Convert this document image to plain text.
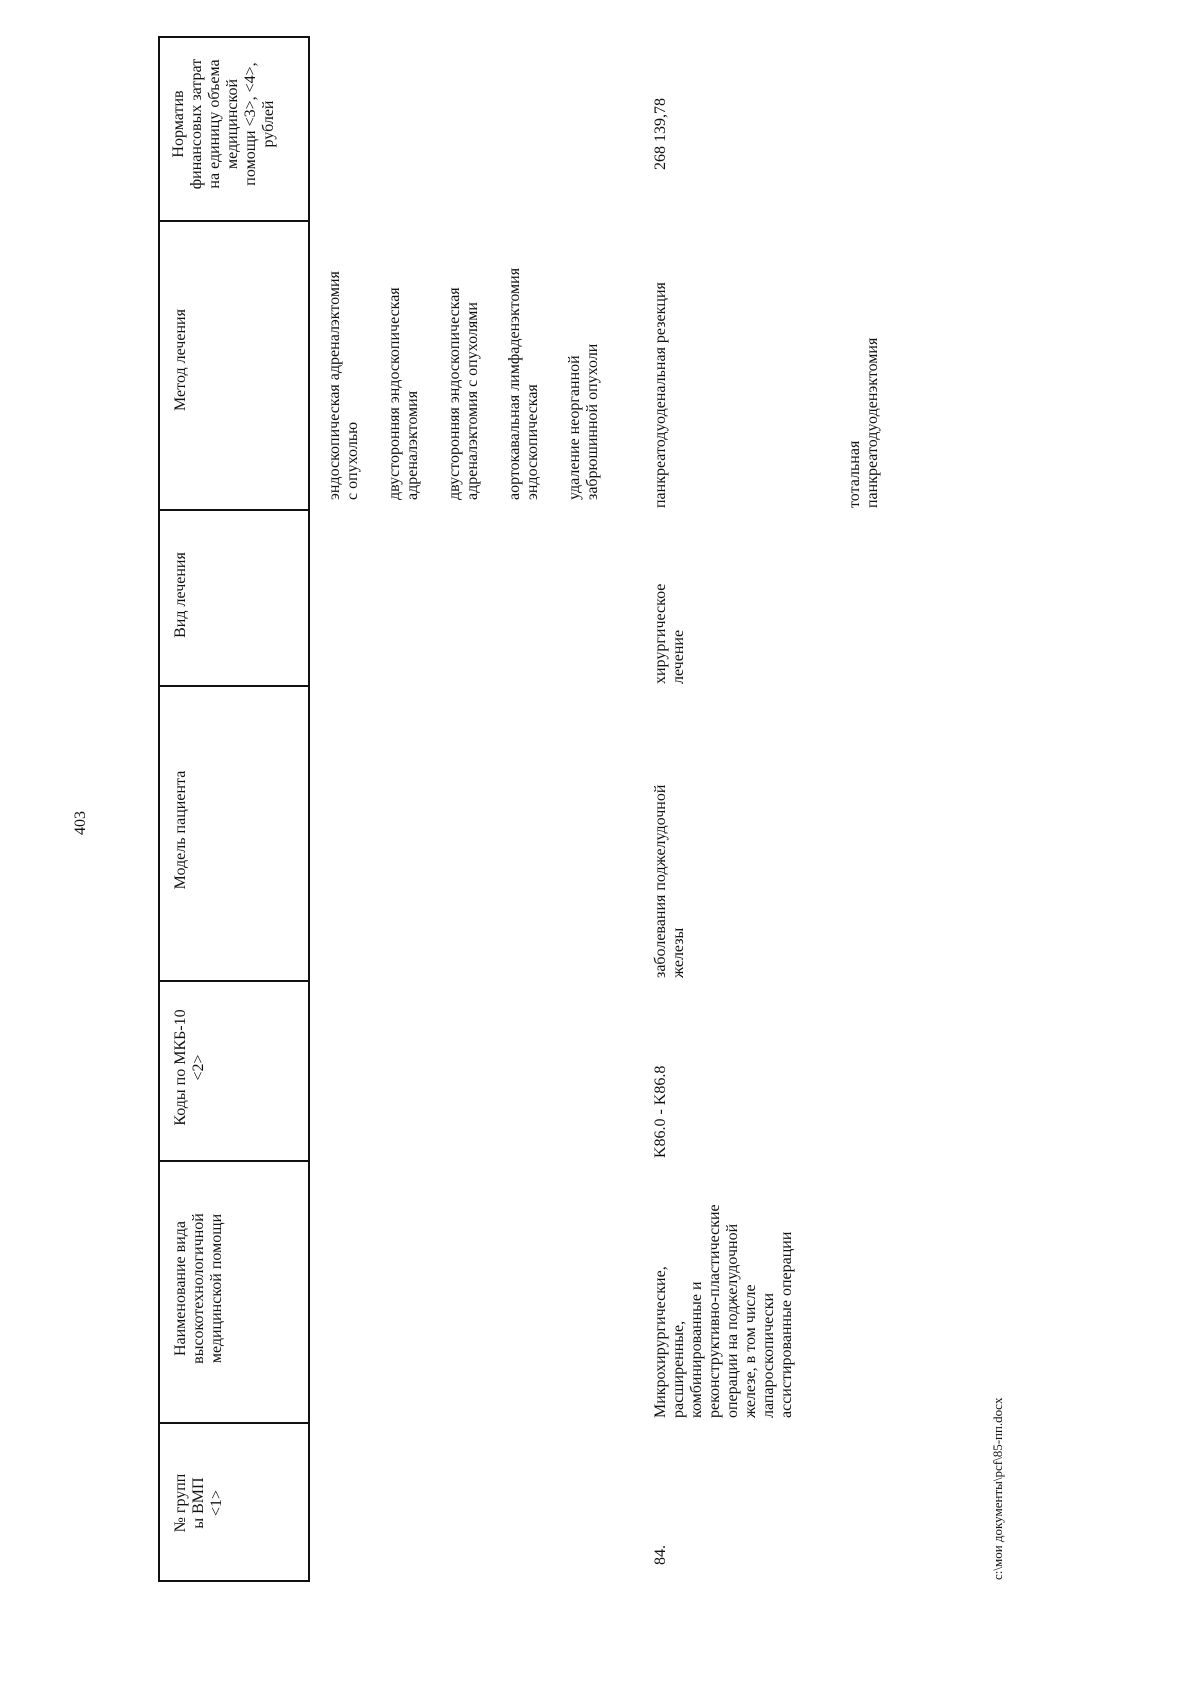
403
Норматив финансовых затрат на единицу объема медицинской помощи <3>, <4>, рублей
Метод лечения
Вид лечения
Модель пациента
Коды по МКБ-10 <2>
Наименование вида высокотехнологичной медицинской помощи
№ групп ы ВМП <1>
эндоскопическая адреналэктомия с опухолью двусторонняя эндоскопическая адреналэктомия двусторонняя эндоскопическая адреналэктомия с опухолями аортокавальная лимфаденэктомия эндоскопическая удаление неорганной забрюшинной опухоли
84.
Микрохирургические, расширенные, комбинированные и реконструктивно-пластические операции на поджелудочной железе, в том числе лапароскопически ассистированные операции
K86.0 - K86.8
заболевания поджелудочной железы
хирургическое лечение
панкреатодуоденальная резекция	тотальная панкреатодуоденэктомия
268 139,78
c:\мои документы\pcf\85-пп.docx
